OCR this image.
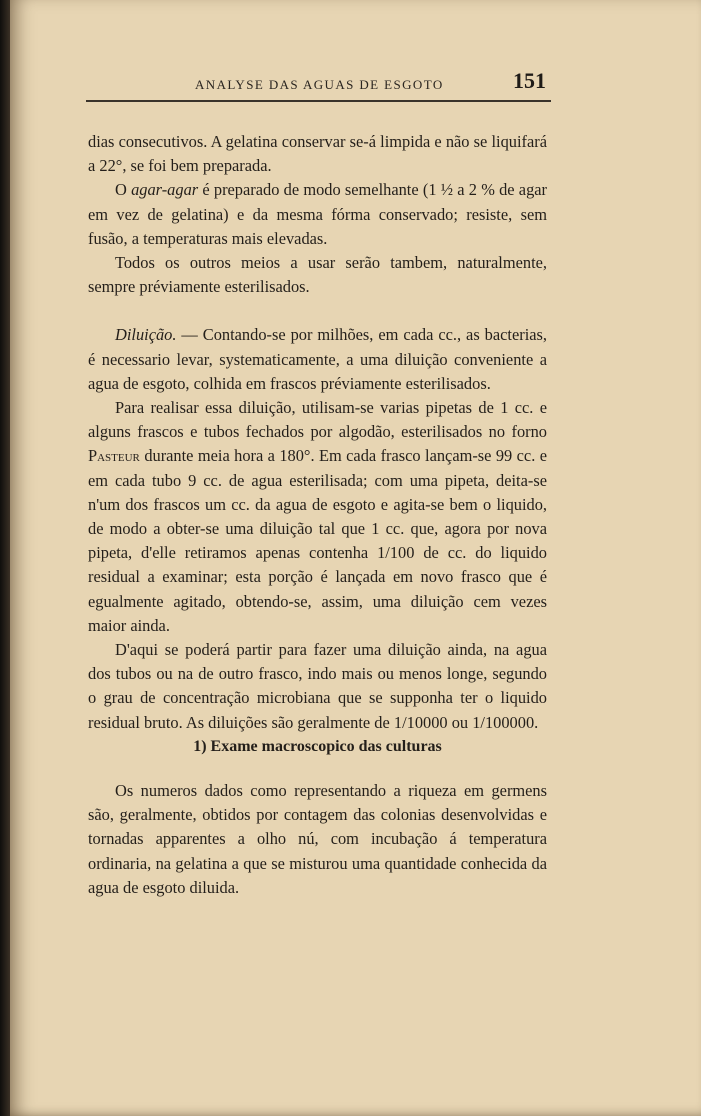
ANALYSE DAS AGUAS DE ESGOTO	151

dias consecutivos. A gelatina conservar se-á limpida e não se liquifará a 22°, se foi bem preparada.

O agar-agar é preparado de modo semelhante (1 ½ a 2 % de agar em vez de gelatina) e da mesma fórma conservado; resiste, sem fusão, a temperaturas mais elevadas.

Todos os outros meios a usar serão tambem, naturalmente, sempre préviamente esterilisados.

Diluição. — Contando-se por milhões, em cada cc., as bacterias, é necessario levar, systematicamente, a uma diluição conveniente a agua de esgoto, colhida em frascos préviamente esterilisados.

Para realisar essa diluição, utilisam-se varias pipetas de 1 cc. e alguns frascos e tubos fechados por algodão, esterilisados no forno Pasteur durante meia hora a 180°. Em cada frasco lançam-se 99 cc. e em cada tubo 9 cc. de agua esterilisada; com uma pipeta, deita-se n'um dos frascos um cc. da agua de esgoto e agita-se bem o liquido, de modo a obter-se uma diluição tal que 1 cc. que, agora por nova pipeta, d'elle retiramos apenas contenha 1/100 de cc. do liquido residual a examinar; esta porção é lançada em novo frasco que é egualmente agitado, obtendo-se, assim, uma diluição cem vezes maior ainda.

D'aqui se poderá partir para fazer uma diluição ainda, na agua dos tubos ou na de outro frasco, indo mais ou menos longe, segundo o grau de concentração microbiana que se supponha ter o liquido residual bruto. As diluições são geralmente de 1/10000 ou 1/100000.

1) Exame macroscopico das culturas

Os numeros dados como representando a riqueza em germens são, geralmente, obtidos por contagem das colonias desenvolvidas e tornadas apparentes a olho nú, com incubação á temperatura ordinaria, na gelatina a que se misturou uma quantidade conhecida da agua de esgoto diluida.
